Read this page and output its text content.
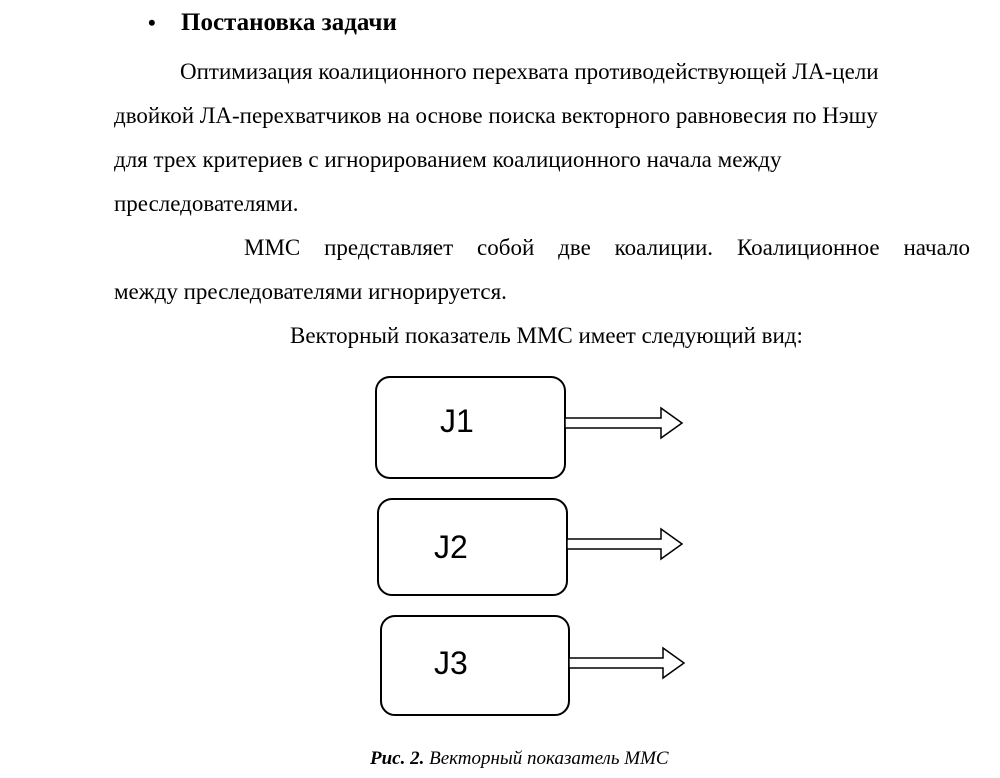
• Постановка задачи
Оптимизация коалиционного перехвата противодействующей ЛА-цели
двойкой ЛА-перехватчиков на основе поиска векторного равновесия по Нэшу
для трех критериев с игнорированием коалиционного начала между
преследователями.
ММС представляет собой две коалиции. Коалиционное начало
между преследователями игнорируется.
Векторный показатель ММС имеет следующий вид:
J1
J2
J3
Рис. 2. Векторный показатель ММС
